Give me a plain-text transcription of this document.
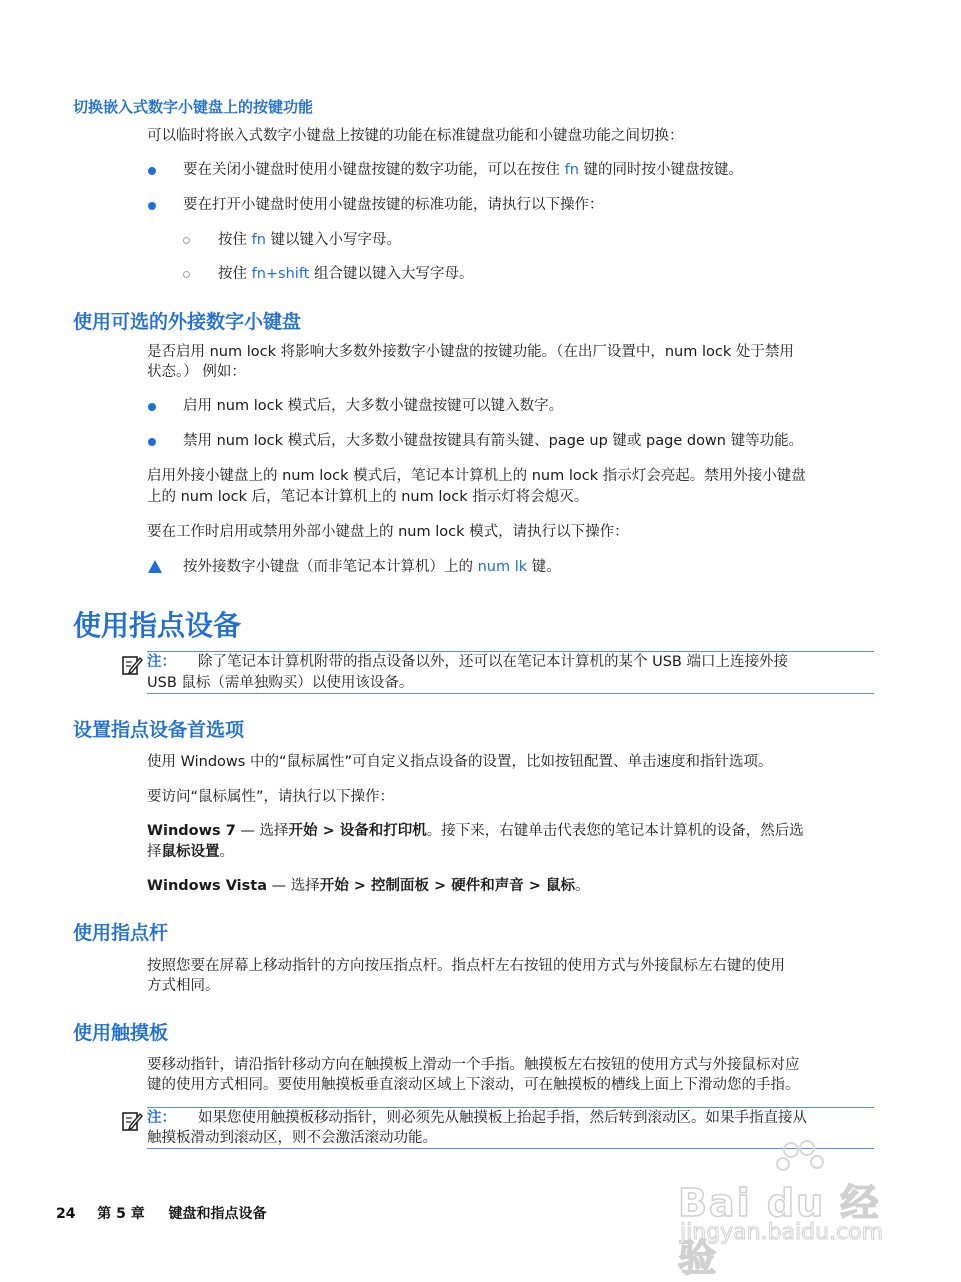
切换嵌入式数字小键盘上的按键功能
可以临时将嵌入式数字小键盘上按键的功能在标准键盘功能和小键盘功能之间切换：
要在关闭小键盘时使用小键盘按键的数字功能，可以在按住 fn 键的同时按小键盘按键。
要在打开小键盘时使用小键盘按键的标准功能，请执行以下操作：
按住 fn 键以键入小写字母。
按住 fn+shift 组合键以键入大写字母。
使用可选的外接数字小键盘
是否启用 num lock 将影响大多数外接数字小键盘的按键功能。（在出厂设置中，num lock 处于禁用
状态。） 例如：
启用 num lock 模式后，大多数小键盘按键可以键入数字。
禁用 num lock 模式后，大多数小键盘按键具有箭头键、page up 键或 page down 键等功能。
启用外接小键盘上的 num lock 模式后，笔记本计算机上的 num lock 指示灯会亮起。禁用外接小键盘
上的 num lock 后，笔记本计算机上的 num lock 指示灯将会熄灭。
要在工作时启用或禁用外部小键盘上的 num lock 模式，请执行以下操作：
按外接数字小键盘（而非笔记本计算机）上的 num lk 键。
使用指点设备
注： 除了笔记本计算机附带的指点设备以外，还可以在笔记本计算机的某个 USB 端口上连接外接
USB 鼠标（需单独购买）以使用该设备。
设置指点设备首选项
使用 Windows 中的“鼠标属性”可自定义指点设备的设置，比如按钮配置、单击速度和指针选项。
要访问“鼠标属性”，请执行以下操作：
Windows 7 — 选择开始 > 设备和打印机。接下来，右键单击代表您的笔记本计算机的设备，然后选
择鼠标设置。
Windows Vista — 选择开始 > 控制面板 > 硬件和声音 > 鼠标。
使用指点杆
按照您要在屏幕上移动指针的方向按压指点杆。指点杆左右按钮的使用方式与外接鼠标左右键的使用
方式相同。
使用触摸板
要移动指针，请沿指针移动方向在触摸板上滑动一个手指。触摸板左右按钮的使用方式与外接鼠标对应
键的使用方式相同。要使用触摸板垂直滚动区域上下滚动，可在触摸板的槽线上面上下滑动您的手指。
注： 如果您使用触摸板移动指针，则必须先从触摸板上抬起手指，然后转到滚动区。如果手指直接从
触摸板滑动到滚动区，则不会激活滚动功能。
24 第 5 章 键盘和指点设备	Bai du 经验
jingyan.baidu.com
